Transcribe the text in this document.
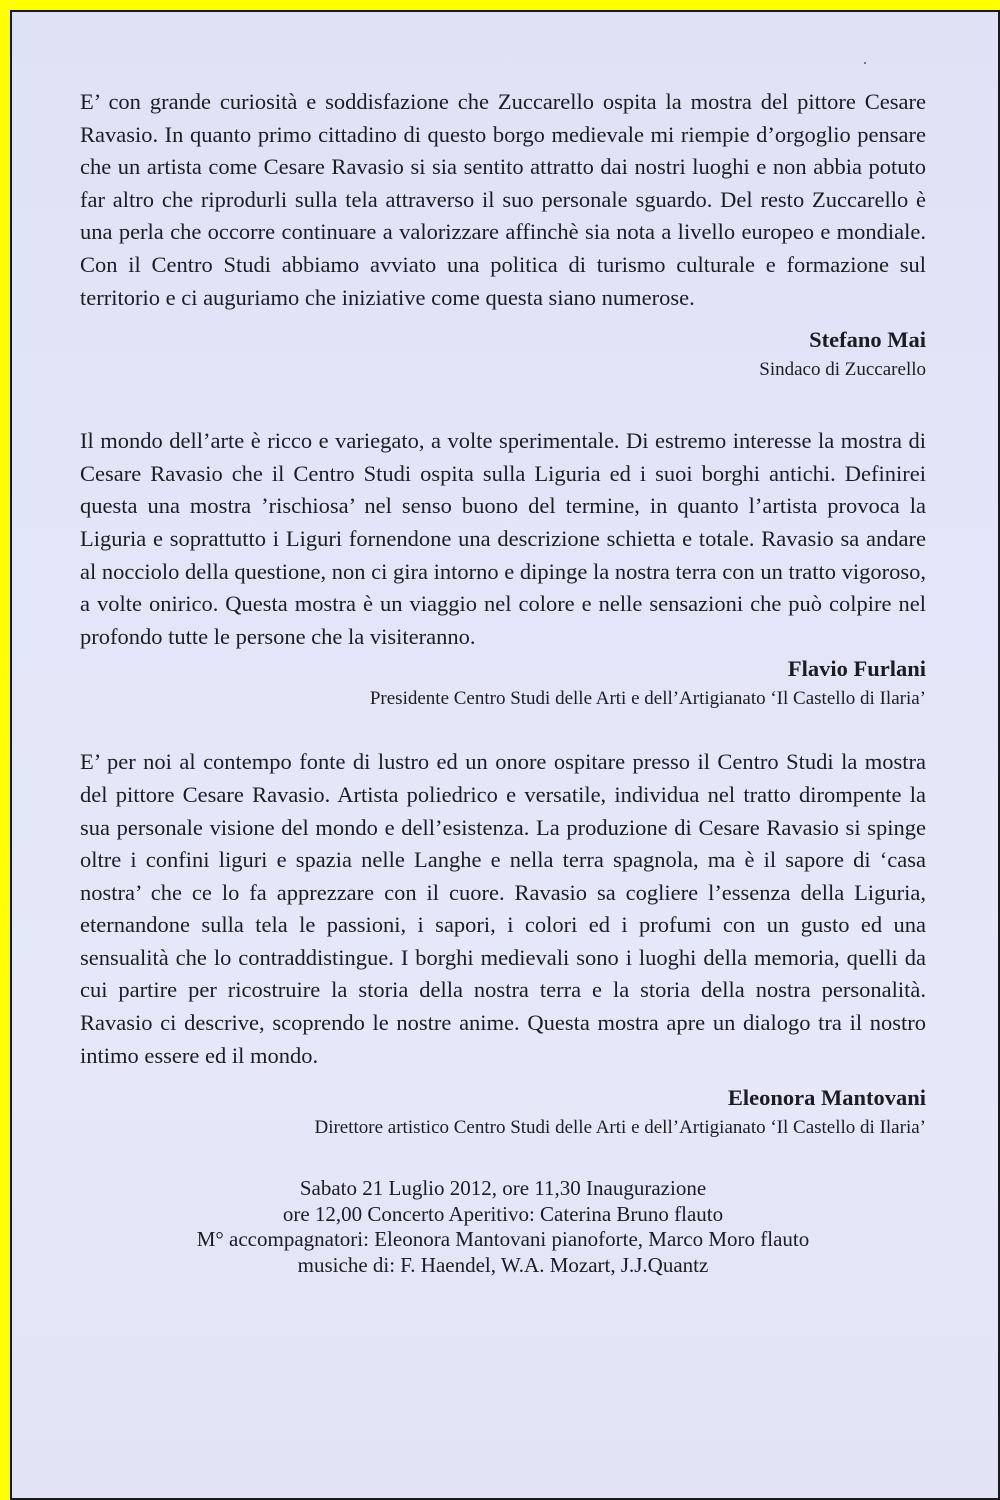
E’ con grande curiosità e soddisfazione che Zuccarello ospita la mostra del pittore Cesare Ravasio. In quanto primo cittadino di questo borgo medievale mi riempie d’orgoglio pensare che un artista come Cesare Ravasio si sia sentito attratto dai nostri luoghi e non abbia potuto far altro che riprodurli sulla tela attraverso il suo personale sguardo. Del resto Zuccarello è una perla che occorre continuare a valorizzare affinchè sia nota a livello europeo e mondiale. Con il Centro Studi abbiamo avviato una politica di turismo culturale e formazione sul territorio e ci auguriamo che iniziative come questa siano numerose.

Stefano Mai

Sindaco di Zuccarello

Il mondo dell’arte è ricco e variegato, a volte sperimentale. Di estremo interesse la mostra di Cesare Ravasio che il Centro Studi ospita sulla Liguria ed i suoi borghi antichi. Definirei questa una mostra ’rischiosa’ nel senso buono del termine, in quanto l’artista provoca la Liguria e soprattutto i Liguri fornendone una descrizione schietta e totale. Ravasio sa andare al nocciolo della questione, non ci gira intorno e dipinge la nostra terra con un tratto vigoroso, a volte onirico. Questa mostra è un viaggio nel colore e nelle sensazioni che può colpire nel profondo tutte le persone che la visiteranno.

Flavio Furlani

Presidente Centro Studi delle Arti e dell’Artigianato ‘Il Castello di Ilaria’

E’ per noi al contempo fonte di lustro ed un onore ospitare presso il Centro Studi la mostra del pittore Cesare Ravasio. Artista poliedrico e versatile, individua nel tratto dirompente la sua personale visione del mondo e dell’esistenza. La produzione di Cesare Ravasio si spinge oltre i confini liguri e spazia nelle Langhe e nella terra spagnola, ma è il sapore di ‘casa nostra’ che ce lo fa apprezzare con il cuore. Ravasio sa cogliere l’essenza della Liguria, eternandone sulla tela le passioni, i sapori, i colori ed i profumi con un gusto ed una sensualità che lo contraddistingue. I borghi medievali sono i luoghi della memoria, quelli da cui partire per ricostruire la storia della nostra terra e la storia della nostra personalità. Ravasio ci descrive, scoprendo le nostre anime. Questa mostra apre un dialogo tra il nostro intimo essere ed il mondo.

Eleonora Mantovani

Direttore artistico Centro Studi delle Arti e dell’Artigianato ‘Il Castello di Ilaria’

Sabato 21 Luglio 2012, ore 11,30 Inaugurazione
ore 12,00 Concerto Aperitivo: Caterina Bruno flauto
M° accompagnatori: Eleonora Mantovani pianoforte, Marco Moro flauto
musiche di: F. Haendel, W.A. Mozart, J.J.Quantz
